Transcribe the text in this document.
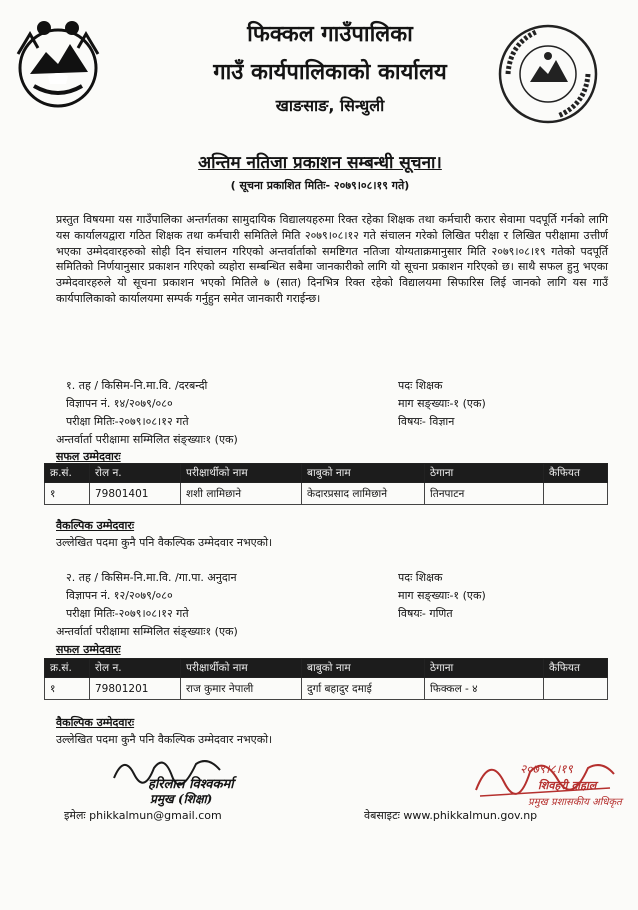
फिक्कल गाउँपालिका
गाउँ कार्यपालिकाको कार्यालय
खाङसाङ, सिन्धुली
अन्तिम नतिजा प्रकाशन सम्बन्धी सूचना।
( सूचना प्रकाशित मितिः- २०७९।०८।१९ गते)
प्रस्तुत विषयमा यस गाउँपालिका अन्तर्गतका सामुदायिक विद्यालयहरुमा रिक्त रहेका शिक्षक तथा कर्मचारी करार सेवामा पदपूर्ति गर्नको लागि यस कार्यालयद्वारा गठित शिक्षक तथा कर्मचारी समितिले मिति २०७९।०८।१२ गते संचालन गरेको लिखित परीक्षा र लिखित परीक्षामा उत्तीर्ण भएका उम्मेदवारहरुको सोही दिन संचालन गरिएको अन्तर्वार्ताको समष्टिगत नतिजा योग्यताक्रमानुसार मिति २०७९।०८।१९ गतेको पदपूर्ति समितिको निर्णयानुसार प्रकाशन गरिएको व्यहोरा सम्बन्धित सबैमा जानकारीको लागि यो सूचना प्रकाशन गरिएको छ। साथै सफल हुनु भएका उम्मेदवारहरुले यो सूचना प्रकाशन भएको मितिले ७ (सात) दिनभित्र रिक्त रहेको विद्यालयमा सिफारिस लिई जानको लागि यस गाउँ कार्यपालिकाको कार्यालयमा सम्पर्क गर्नुहुन समेत जानकारी गराईन्छ।
१. तह / किसिम-नि.मा.वि. /दरबन्दी	पदः शिक्षक
विज्ञापन नं. १४/२०७९/०८०	माग सङ्ख्याः-१ (एक)
परीक्षा मितिः-२०७९।०८।१२ गते	विषयः- विज्ञान
अन्तर्वार्ता परीक्षामा सम्मिलित संङ्ख्याः१ (एक)
सफल उम्मेदवारः
क्र.सं.	रोल न.	परीक्षार्थीको नाम	बाबुको नाम	ठेगाना	कैफियत
१	79801401	शशी लामिछाने	केदारप्रसाद लामिछाने	तिनपाटन	
वैकल्पिक उम्मेदवारः
उल्लेखित पदमा कुनै पनि वैकल्पिक उम्मेदवार नभएको।
२. तह / किसिम-नि.मा.वि. /गा.पा. अनुदान	पदः शिक्षक
विज्ञापन नं. १२/२०७९/०८०	माग सङ्ख्याः-१ (एक)
परीक्षा मितिः-२०७९।०८।१२ गते	विषयः- गणित
अन्तर्वार्ता परीक्षामा सम्मिलित संङ्ख्याः१ (एक)
सफल उम्मेदवारः
क्र.सं.	रोल न.	परीक्षार्थीको नाम	बाबुको नाम	ठेगाना	कैफियत
१	79801201	राज कुमार नेपाली	दुर्गा बहादुर दमाई	फिक्कल - ४	
वैकल्पिक उम्मेदवारः
उल्लेखित पदमा कुनै पनि वैकल्पिक उम्मेदवार नभएको।
हरिलाल विश्वकर्मा
प्रमुख (शिक्षा)
२०७९।८।१९
शिवहरी दाहाल
प्रमुख प्रशासकीय अधिकृत
इमेलः phikkalmun@gmail.com	वेबसाइटः www.phikkalmun.gov.np
